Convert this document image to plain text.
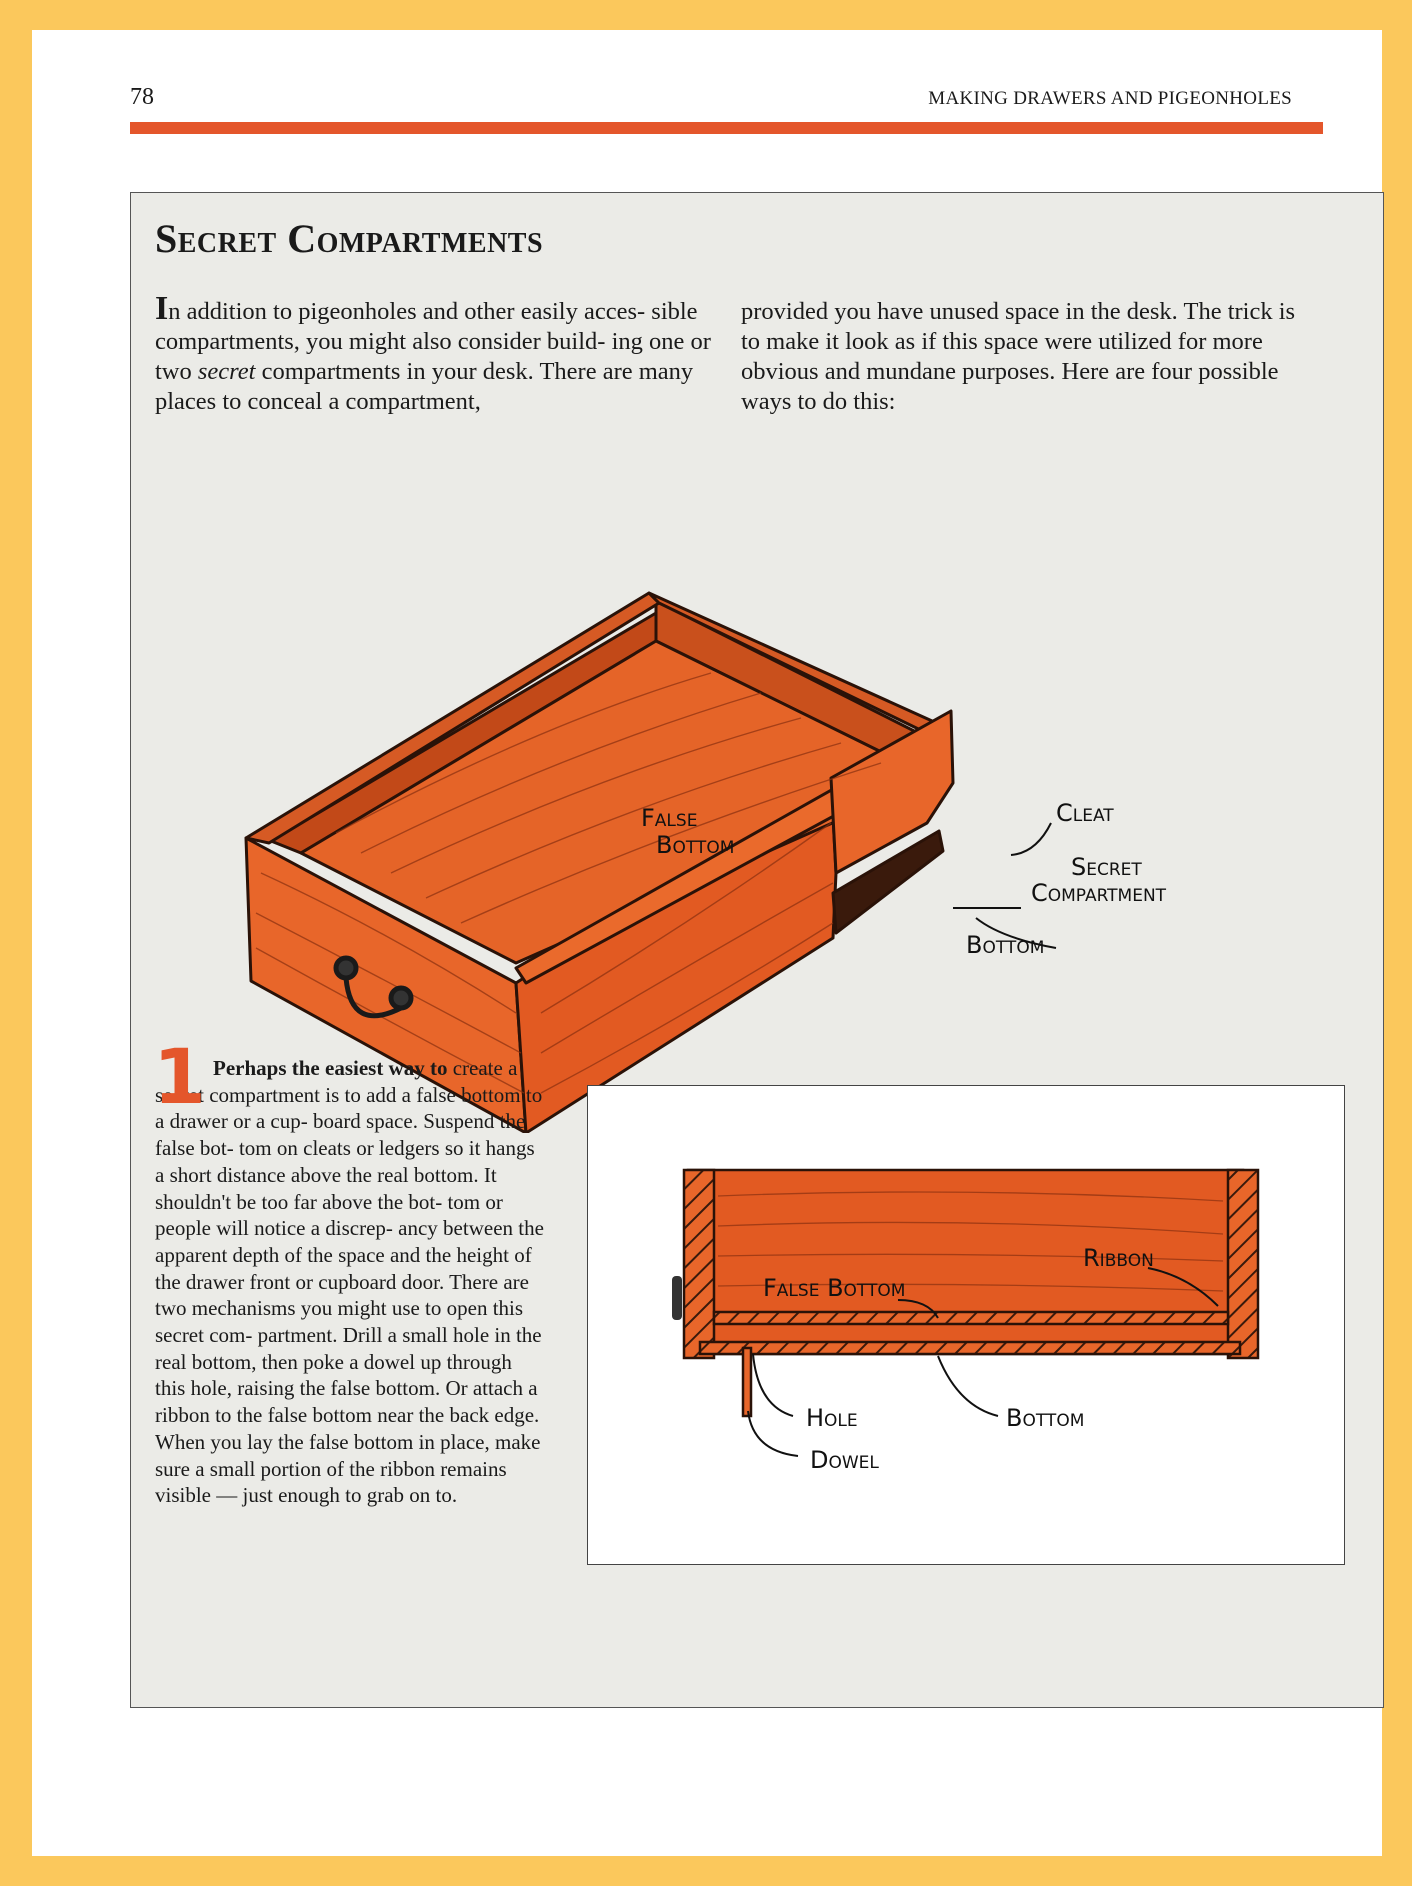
78	MAKING DRAWERS AND PIGEONHOLES
Secret Compartments

In addition to pigeonholes and other easily acces- sible compartments, you might also consider build- ing one or two secret compartments in your desk. There are many places to conceal a compartment,

provided you have unused space in the desk. The trick is to make it look as if this space were utilized for more obvious and mundane purposes. Here are four possible ways to do this:

False
Bottom
Cleat
Secret
Compartment
Bottom

1 Perhaps the easiest way to create a secret compartment is to add a false bottom to a drawer or a cup- board space. Suspend the false bot- tom on cleats or ledgers so it hangs a short distance above the real bottom. It shouldn't be too far above the bot- tom or people will notice a discrep- ancy between the apparent depth of the space and the height of the drawer front or cupboard door. There are two mechanisms you might use to open this secret com- partment. Drill a small hole in the real bottom, then poke a dowel up through this hole, raising the false bottom. Or attach a ribbon to the false bottom near the back edge. When you lay the false bottom in place, make sure a small portion of the ribbon remains visible — just enough to grab on to.

False Bottom
Ribbon
Hole	Bottom
Dowel
